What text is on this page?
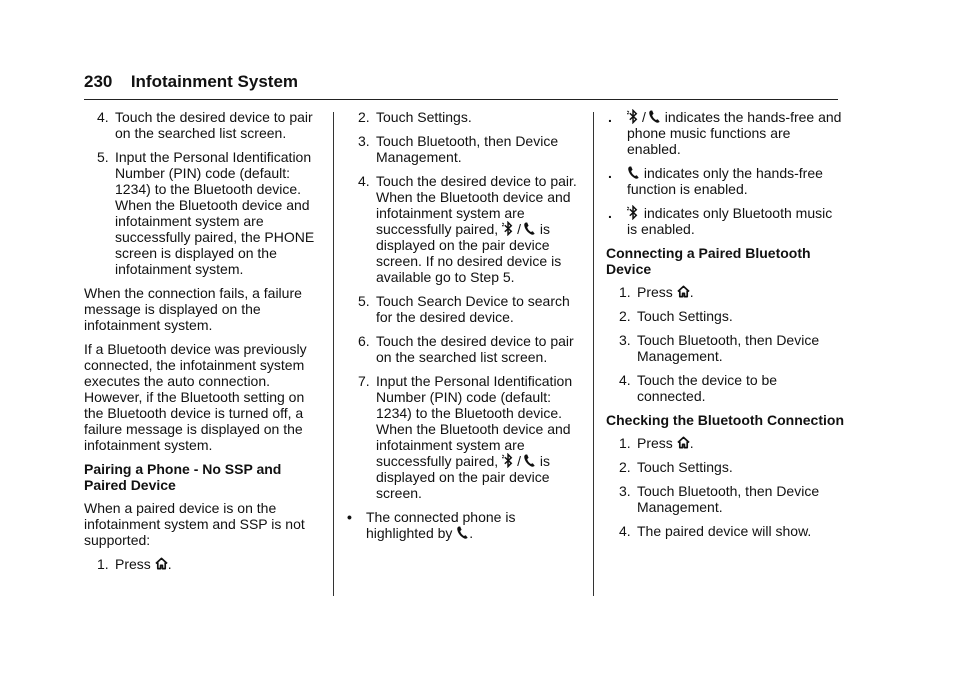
230 Infotainment System
4. Touch the desired device to pair on the searched list screen.
5. Input the Personal Identification Number (PIN) code (default: 1234) to the Bluetooth device. When the Bluetooth device and infotainment system are successfully paired, the PHONE screen is displayed on the infotainment system.

When the connection fails, a failure message is displayed on the infotainment system.

If a Bluetooth device was previously connected, the infotainment system executes the auto connection. However, if the Bluetooth setting on the Bluetooth device is turned off, a failure message is displayed on the infotainment system.

Pairing a Phone - No SSP and Paired Device

When a paired device is on the infotainment system and SSP is not supported:

1. Press .
2. Touch Settings.
3. Touch Bluetooth, then Device Management.
4. Touch the desired device to pair. When the Bluetooth device and infotainment system are successfully paired, / is displayed on the pair device screen. If no desired device is available go to Step 5.
5. Touch Search Device to search for the desired device.
6. Touch the desired device to pair on the searched list screen.
7. Input the Personal Identification Number (PIN) code (default: 1234) to the Bluetooth device. When the Bluetooth device and infotainment system are successfully paired, / is displayed on the pair device screen.
• The connected phone is highlighted by .
. / indicates the hands-free and phone music functions are enabled.
. indicates only the hands-free function is enabled.
. indicates only Bluetooth music is enabled.

Connecting a Paired Bluetooth Device

1. Press .
2. Touch Settings.
3. Touch Bluetooth, then Device Management.
4. Touch the device to be connected.

Checking the Bluetooth Connection

1. Press .
2. Touch Settings.
3. Touch Bluetooth, then Device Management.
4. The paired device will show.
